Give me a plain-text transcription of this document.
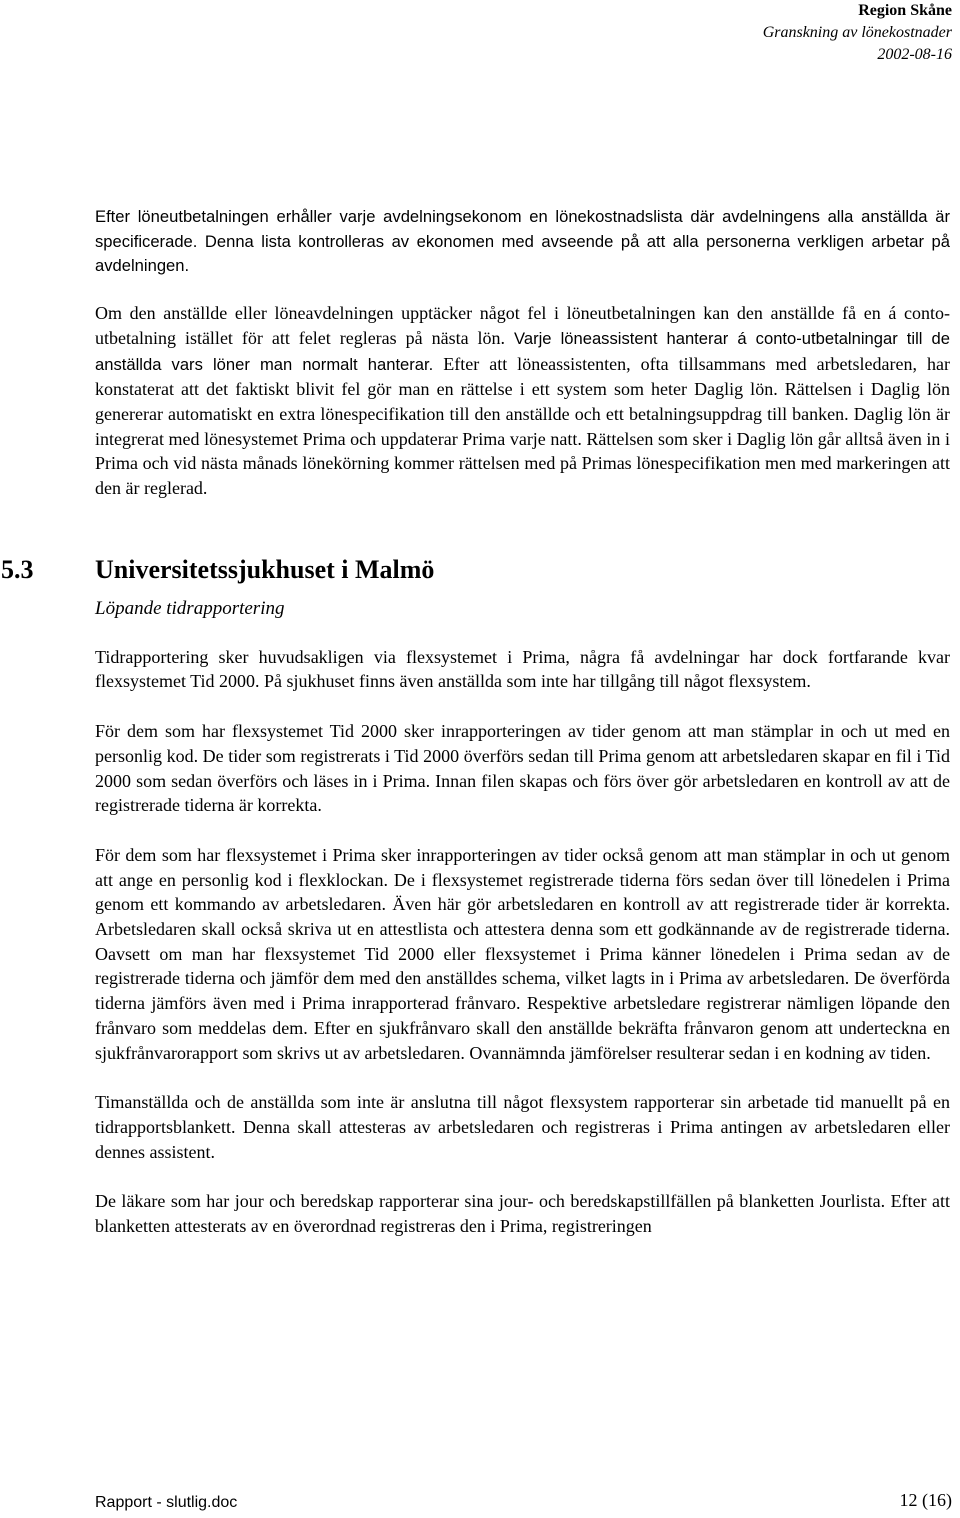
Region Skåne
Granskning av lönekostnader
2002-08-16

Efter löneutbetalningen erhåller varje avdelningsekonom en lönekostnadslista där avdelningens alla anställda är specificerade. Denna lista kontrolleras av ekonomen med avseende på att alla personerna verkligen arbetar på avdelningen.

Om den anställde eller löneavdelningen upptäcker något fel i löneutbetalningen kan den anställde få en á conto-utbetalning istället för att felet regleras på nästa lön. Varje löneassistent hanterar á conto-utbetalningar till de anställda vars löner man normalt hanterar. Efter att löneassistenten, ofta tillsammans med arbetsledaren, har konstaterat att det faktiskt blivit fel gör man en rättelse i ett system som heter Daglig lön. Rättelsen i Daglig lön genererar automatiskt en extra lönespecifikation till den anställde och ett betalningsuppdrag till banken. Daglig lön är integrerat med lönesystemet Prima och uppdaterar Prima varje natt. Rättelsen som sker i Daglig lön går alltså även in i Prima och vid nästa månads lönekörning kommer rättelsen med på Primas lönespecifikation men med markeringen att den är reglerad.

5.3 Universitetssjukhuset i Malmö
Löpande tidrapportering

Tidrapportering sker huvudsakligen via flexsystemet i Prima, några få avdelningar har dock fortfarande kvar flexsystemet Tid 2000. På sjukhuset finns även anställda som inte har tillgång till något flexsystem.

För dem som har flexsystemet Tid 2000 sker inrapporteringen av tider genom att man stämplar in och ut med en personlig kod. De tider som registrerats i Tid 2000 överförs sedan till Prima genom att arbetsledaren skapar en fil i Tid 2000 som sedan överförs och läses in i Prima. Innan filen skapas och förs över gör arbetsledaren en kontroll av att de registrerade tiderna är korrekta.

För dem som har flexsystemet i Prima sker inrapporteringen av tider också genom att man stämplar in och ut genom att ange en personlig kod i flexklockan. De i flexsystemet registrerade tiderna förs sedan över till lönedelen i Prima genom ett kommando av arbetsledaren. Även här gör arbetsledaren en kontroll av att registrerade tider är korrekta. Arbetsledaren skall också skriva ut en attestlista och attestera denna som ett godkännande av de registrerade tiderna. Oavsett om man har flexsystemet Tid 2000 eller flexsystemet i Prima känner lönedelen i Prima sedan av de registrerade tiderna och jämför dem med den anställdes schema, vilket lagts in i Prima av arbetsledaren. De överförda tiderna jämförs även med i Prima inrapporterad frånvaro. Respektive arbetsledare registrerar nämligen löpande den frånvaro som meddelas dem. Efter en sjukfrånvaro skall den anställde bekräfta frånvaron genom att underteckna en sjukfrånvarorapport som skrivs ut av arbetsledaren. Ovannämnda jämförelser resulterar sedan i en kodning av tiden.

Timanställda och de anställda som inte är anslutna till något flexsystem rapporterar sin arbetade tid manuellt på en tidrapportsblankett. Denna skall attesteras av arbetsledaren och registreras i Prima antingen av arbetsledaren eller dennes assistent.

De läkare som har jour och beredskap rapporterar sina jour- och beredskapstillfällen på blanketten Jourlista. Efter att blanketten attesterats av en överordnad registreras den i Prima, registreringen

Rapport - slutlig.doc	12 (16)
